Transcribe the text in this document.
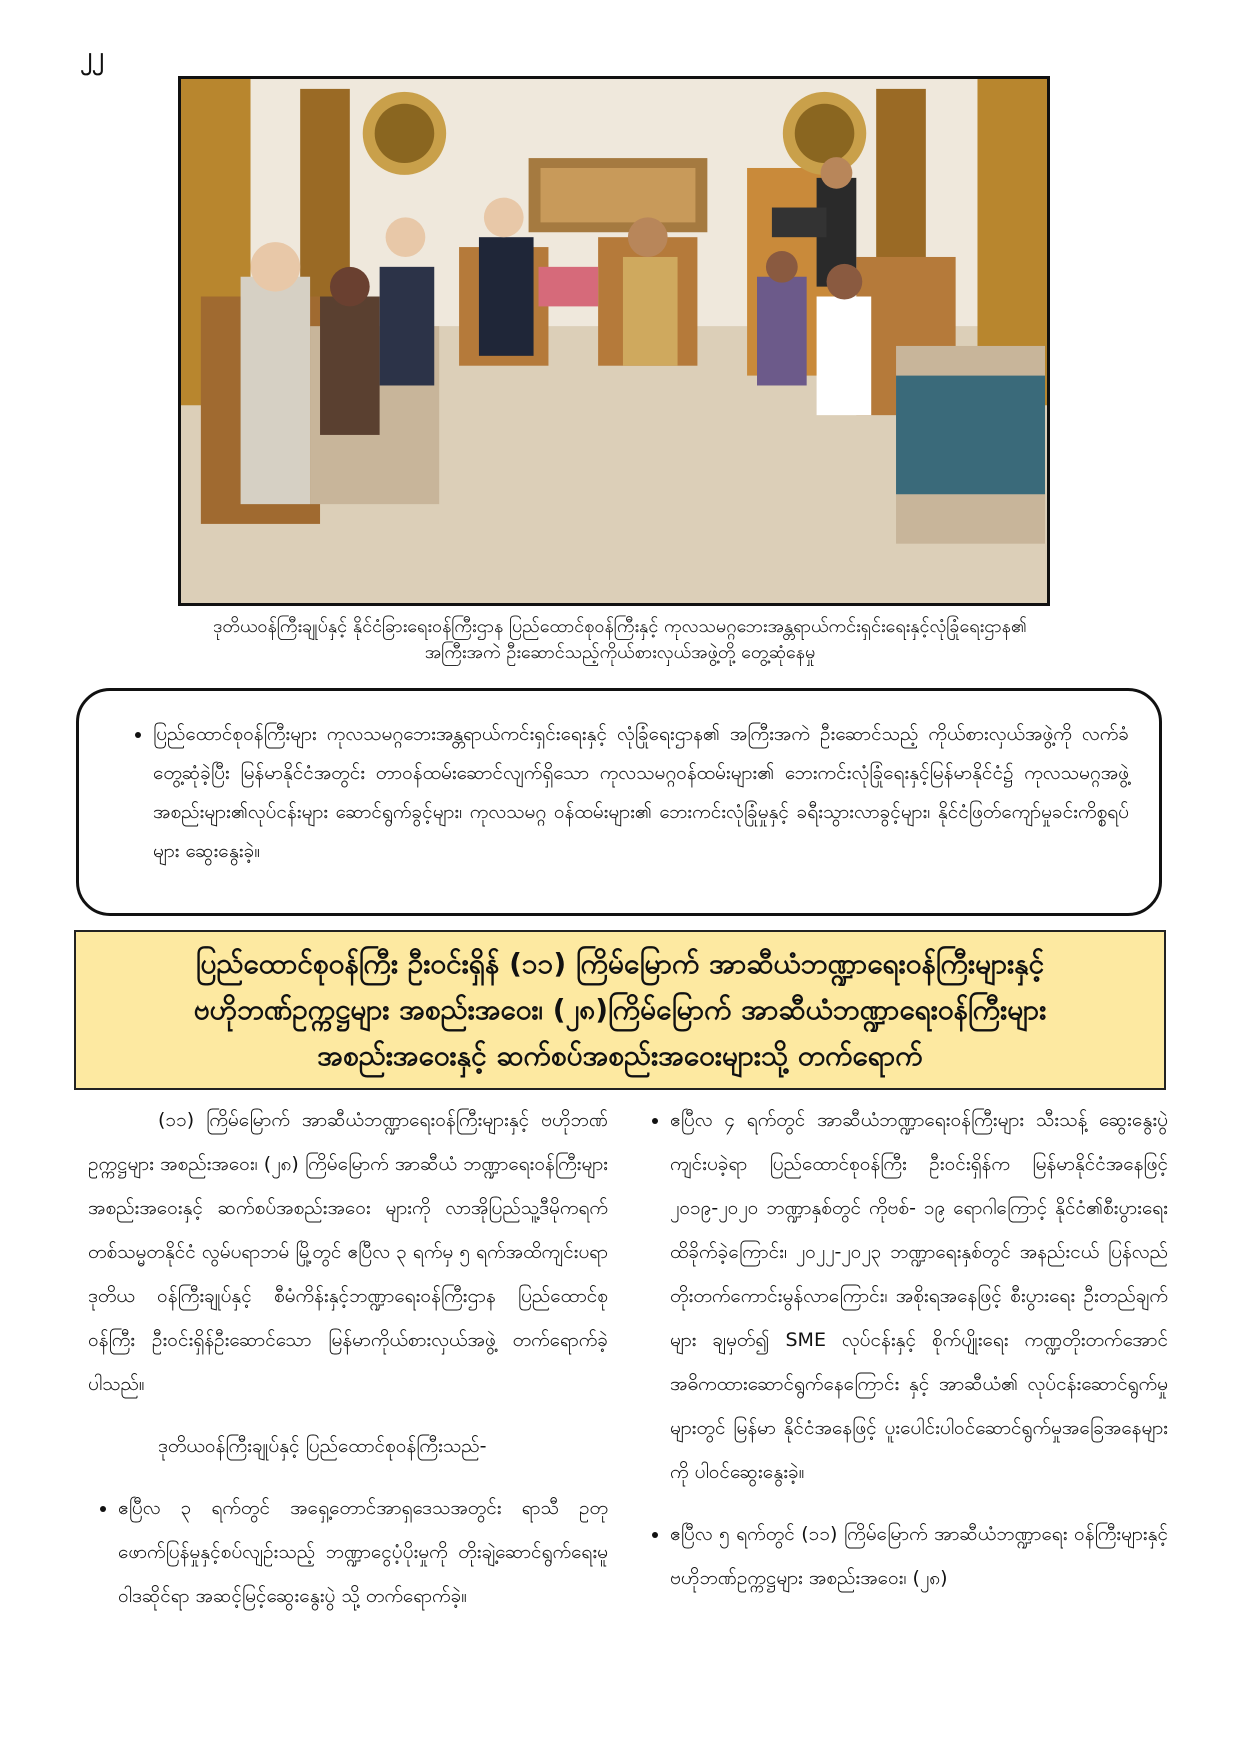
၂၂
ဒုတိယဝန်ကြီးချုပ်နှင့် နိုင်ငံခြားရေးဝန်ကြီးဌာန ပြည်ထောင်စုဝန်ကြီးနှင့် ကုလသမဂ္ဂဘေးအန္တရာယ်ကင်းရှင်းရေးနှင့်လုံခြုံရေးဌာန၏
အကြီးအကဲ ဦးဆောင်သည့်ကိုယ်စားလှယ်အဖွဲ့တို့ တွေ့ဆုံနေမှု
• ပြည်ထောင်စုဝန်ကြီးများ ကုလသမဂ္ဂဘေးအန္တရာယ်ကင်းရှင်းရေးနှင့် လုံခြုံရေးဌာန၏ အကြီးအကဲ ဦးဆောင်သည့် ကိုယ်စားလှယ်အဖွဲ့ကို လက်ခံတွေ့ဆုံခဲ့ပြီး မြန်မာနိုင်ငံအတွင်း တာဝန်ထမ်းဆောင်လျက်ရှိသော ကုလသမဂ္ဂဝန်ထမ်းများ၏ ဘေးကင်းလုံခြုံရေးနှင့်မြန်မာနိုင်ငံ၌ ကုလသမဂ္ဂအဖွဲ့အစည်းများ၏လုပ်ငန်းများ ဆောင်ရွက်ခွင့်များ၊ ကုလသမဂ္ဂ ဝန်ထမ်းများ၏ ဘေးကင်းလုံခြုံမှုနှင့် ခရီးသွားလာခွင့်များ၊ နိုင်ငံဖြတ်ကျော်မှုခင်းကိစ္စရပ်များ ဆွေးနွေးခဲ့။
ပြည်ထောင်စုဝန်ကြီး ဦးဝင်းရှိန် (၁၁) ကြိမ်မြောက် အာဆီယံဘဏ္ဍာရေးဝန်ကြီးများနှင့်
ဗဟိုဘဏ်ဥက္ကဋ္ဌများ အစည်းအဝေး၊ (၂၈)ကြိမ်မြောက် အာဆီယံဘဏ္ဍာရေးဝန်ကြီးများ
အစည်းအဝေးနှင့် ဆက်စပ်အစည်းအဝေးများသို့ တက်ရောက်

(၁၁) ကြိမ်မြောက် အာဆီယံဘဏ္ဍာရေးဝန်ကြီးများနှင့် ဗဟိုဘဏ်ဥက္ကဋ္ဌများ အစည်းအဝေး၊ (၂၈) ကြိမ်မြောက် အာဆီယံ ဘဏ္ဍာရေးဝန်ကြီးများ အစည်းအဝေးနှင့် ဆက်စပ်အစည်းအဝေး များကို လာအိုပြည်သူ့ဒီမိုကရက်တစ်သမ္မတနိုင်ငံ လွမ်ပရာဘမ် မြို့တွင် ဧပြီလ ၃ ရက်မှ ၅ ရက်အထိကျင်းပရာ ဒုတိယ ဝန်ကြီးချုပ်နှင့် စီမံကိန်းနှင့်ဘဏ္ဍာရေးဝန်ကြီးဌာန ပြည်ထောင်စု ဝန်ကြီး ဦးဝင်းရှိန်ဦးဆောင်သော မြန်မာကိုယ်စားလှယ်အဖွဲ့ တက်ရောက်ခဲ့ပါသည်။

ဒုတိယဝန်ကြီးချုပ်နှင့် ပြည်ထောင်စုဝန်ကြီးသည်-

• ဧပြီလ ၃ ရက်တွင် အရှေ့တောင်အာရှဒေသအတွင်း ရာသီ ဥတုဖောက်ပြန်မှုနှင့်စပ်လျဉ်းသည့် ဘဏ္ဍာငွေပံ့ပိုးမှုကို တိုးချဲ့ဆောင်ရွက်ရေးမူဝါဒဆိုင်ရာ အဆင့်မြင့်ဆွေးနွေးပွဲ သို့ တက်ရောက်ခဲ့။
• ဧပြီလ ၄ ရက်တွင် အာဆီယံဘဏ္ဍာရေးဝန်ကြီးများ သီးသန့် ဆွေးနွေးပွဲကျင်းပခဲ့ရာ ပြည်ထောင်စုဝန်ကြီး ဦးဝင်းရှိန်က မြန်မာနိုင်ငံအနေဖြင့် ၂၀၁၉-၂၀၂၀ ဘဏ္ဍာနှစ်တွင် ကိုဗစ်- ၁၉ ရောဂါကြောင့် နိုင်ငံ၏စီးပွားရေးထိခိုက်ခဲ့ကြောင်း၊ ၂၀၂၂-၂၀၂၃ ဘဏ္ဍာရေးနှစ်တွင် အနည်းငယ် ပြန်လည် တိုးတက်ကောင်းမွန်လာကြောင်း၊ အစိုးရအနေဖြင့် စီးပွားရေး ဦးတည်ချက်များ ချမှတ်၍ SME လုပ်ငန်းနှင့် စိုက်ပျိုးရေး ကဏ္ဍတိုးတက်အောင် အဓိကထားဆောင်ရွက်နေကြောင်း နှင့် အာဆီယံ၏ လုပ်ငန်းဆောင်ရွက်မှုများတွင် မြန်မာ နိုင်ငံအနေဖြင့် ပူးပေါင်းပါဝင်ဆောင်ရွက်မှုအခြေအနေများ ကို ပါဝင်ဆွေးနွေးခဲ့။
• ဧပြီလ ၅ ရက်တွင် (၁၁) ကြိမ်မြောက် အာဆီယံဘဏ္ဍာရေး ဝန်ကြီးများနှင့် ဗဟိုဘဏ်ဥက္ကဋ္ဌများ အစည်းအဝေး၊ (၂၈)
